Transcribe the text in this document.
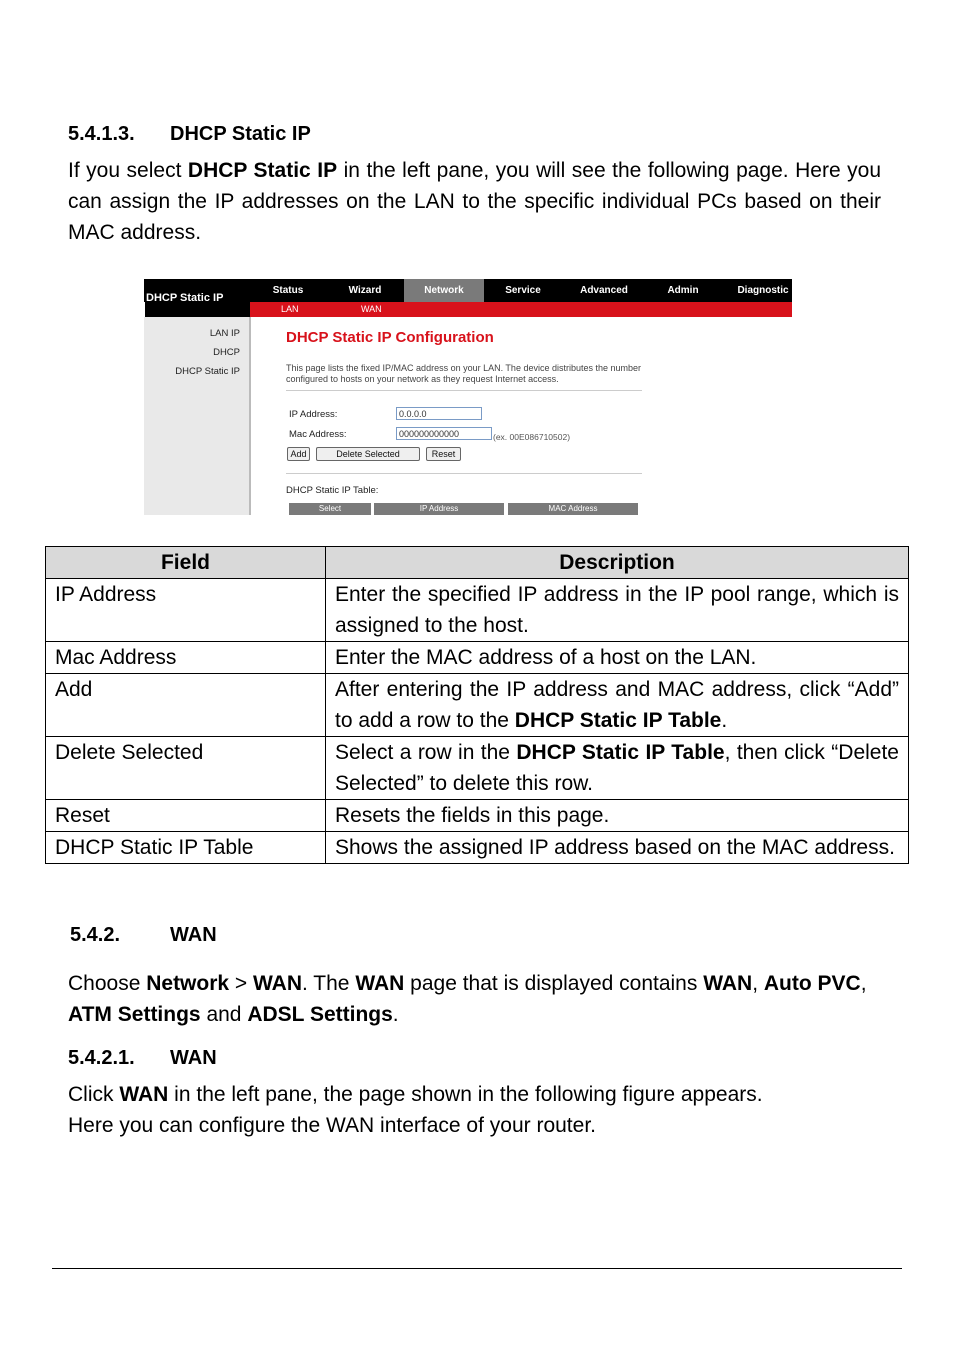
5.4.1.3. DHCP Static IP

If you select DHCP Static IP in the left pane, you will see the following page. Here you can assign the IP addresses on the LAN to the specific individual PCs based on their MAC address.

DHCP Static IP
Status	Wizard	Network	Service	Advanced	Admin	Diagnostic
LAN	WAN
LAN IP
DHCP
DHCP Static IP
DHCP Static IP Configuration
This page lists the fixed IP/MAC address on your LAN. The device distributes the number configured to hosts on your network as they request Internet access.
IP Address:	0.0.0.0
Mac Address:	000000000000	(ex. 00E086710502)
Add	Delete Selected	Reset
DHCP Static IP Table:
Select	IP Address	MAC Address
Field	Description
IP Address	Enter the specified IP address in the IP pool range, which is assigned to the host.
Mac Address	Enter the MAC address of a host on the LAN.
Add	After entering the IP address and MAC address, click “Add” to add a row to the DHCP Static IP Table.
Delete Selected	Select a row in the DHCP Static IP Table, then click “Delete Selected” to delete this row.
Reset	Resets the fields in this page.
DHCP Static IP Table	Shows the assigned IP address based on the MAC address.
5.4.2. WAN

Choose Network > WAN. The WAN page that is displayed contains WAN, Auto PVC, ATM Settings and ADSL Settings.

5.4.2.1. WAN

Click WAN in the left pane, the page shown in the following figure appears.
Here you can configure the WAN interface of your router.
